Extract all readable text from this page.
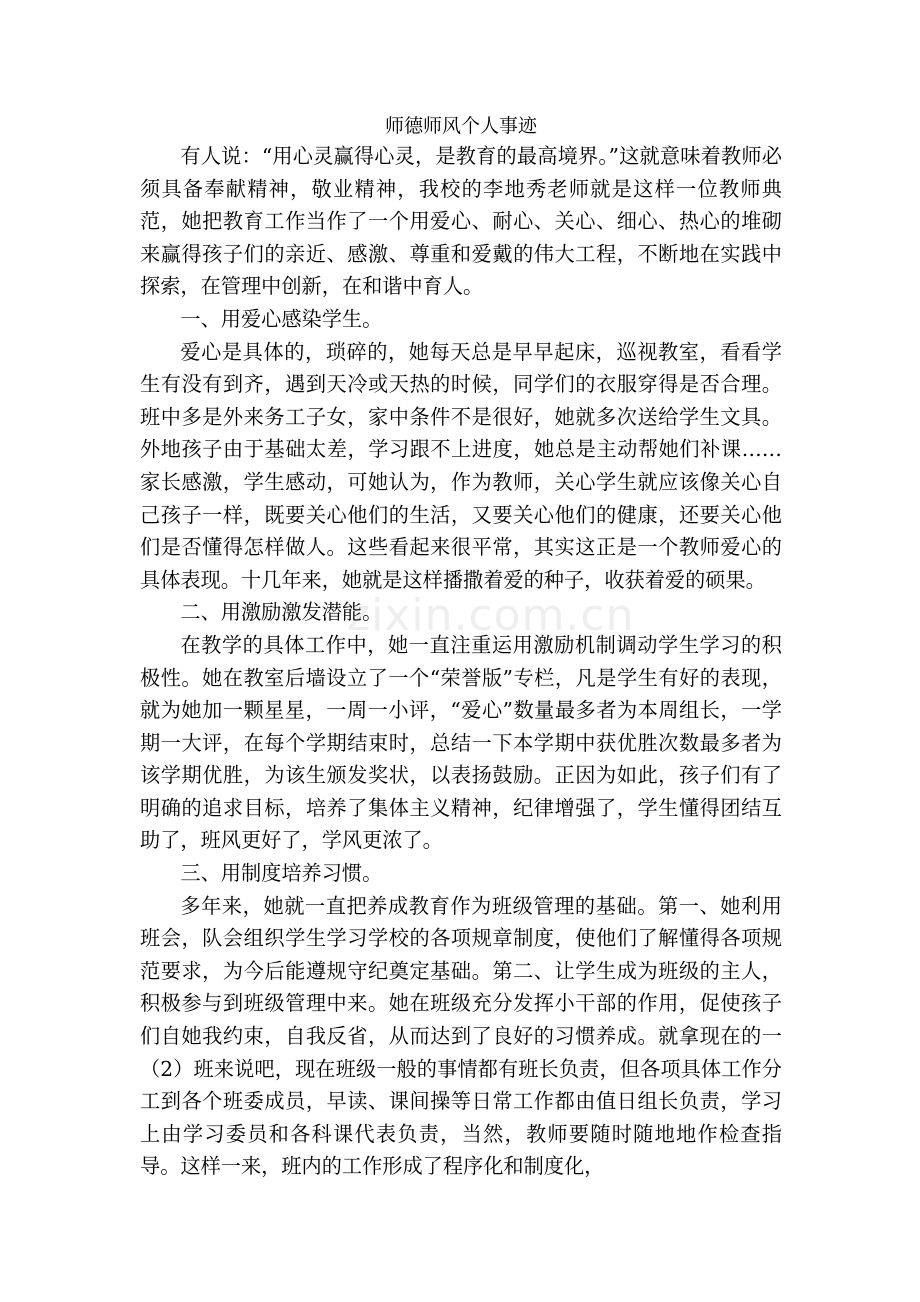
师德师风个人事迹

有人说：“用心灵赢得心灵，是教育的最高境界。”这就意味着教师必须具备奉献精神，敬业精神，我校的李地秀老师就是这样一位教师典范，她把教育工作当作了一个用爱心、耐心、关心、细心、热心的堆砌来赢得孩子们的亲近、感激、尊重和爱戴的伟大工程，不断地在实践中探索，在管理中创新，在和谐中育人。

一、用爱心感染学生。

爱心是具体的，琐碎的，她每天总是早早起床，巡视教室，看看学生有没有到齐，遇到天冷或天热的时候，同学们的衣服穿得是否合理。班中多是外来务工子女，家中条件不是很好，她就多次送给学生文具。外地孩子由于基础太差，学习跟不上进度，她总是主动帮她们补课……家长感激，学生感动，可她认为，作为教师，关心学生就应该像关心自己孩子一样，既要关心他们的生活，又要关心他们的健康，还要关心他们是否懂得怎样做人。这些看起来很平常，其实这正是一个教师爱心的具体表现。十几年来，她就是这样播撒着爱的种子，收获着爱的硕果。

二、用激励激发潜能。

在教学的具体工作中，她一直注重运用激励机制调动学生学习的积极性。她在教室后墙设立了一个“荣誉版”专栏，凡是学生有好的表现，就为她加一颗星星，一周一小评，“爱心”数量最多者为本周组长，一学期一大评，在每个学期结束时，总结一下本学期中获优胜次数最多者为该学期优胜，为该生颁发奖状，以表扬鼓励。正因为如此，孩子们有了明确的追求目标，培养了集体主义精神，纪律增强了，学生懂得团结互助了，班风更好了，学风更浓了。

三、用制度培养习惯。

多年来，她就一直把养成教育作为班级管理的基础。第一、她利用班会，队会组织学生学习学校的各项规章制度，使他们了解懂得各项规范要求，为今后能遵规守纪奠定基础。第二、让学生成为班级的主人，积极参与到班级管理中来。她在班级充分发挥小干部的作用，促使孩子们自她我约束，自我反省，从而达到了良好的习惯养成。就拿现在的一（2）班来说吧，现在班级一般的事情都有班长负责，但各项具体工作分工到各个班委成员，早读、课间操等日常工作都由值日组长负责，学习上由学习委员和各科课代表负责，当然，教师要随时随地地作检查指导。这样一来，班内的工作形成了程序化和制度化，

zixin.com.cn
